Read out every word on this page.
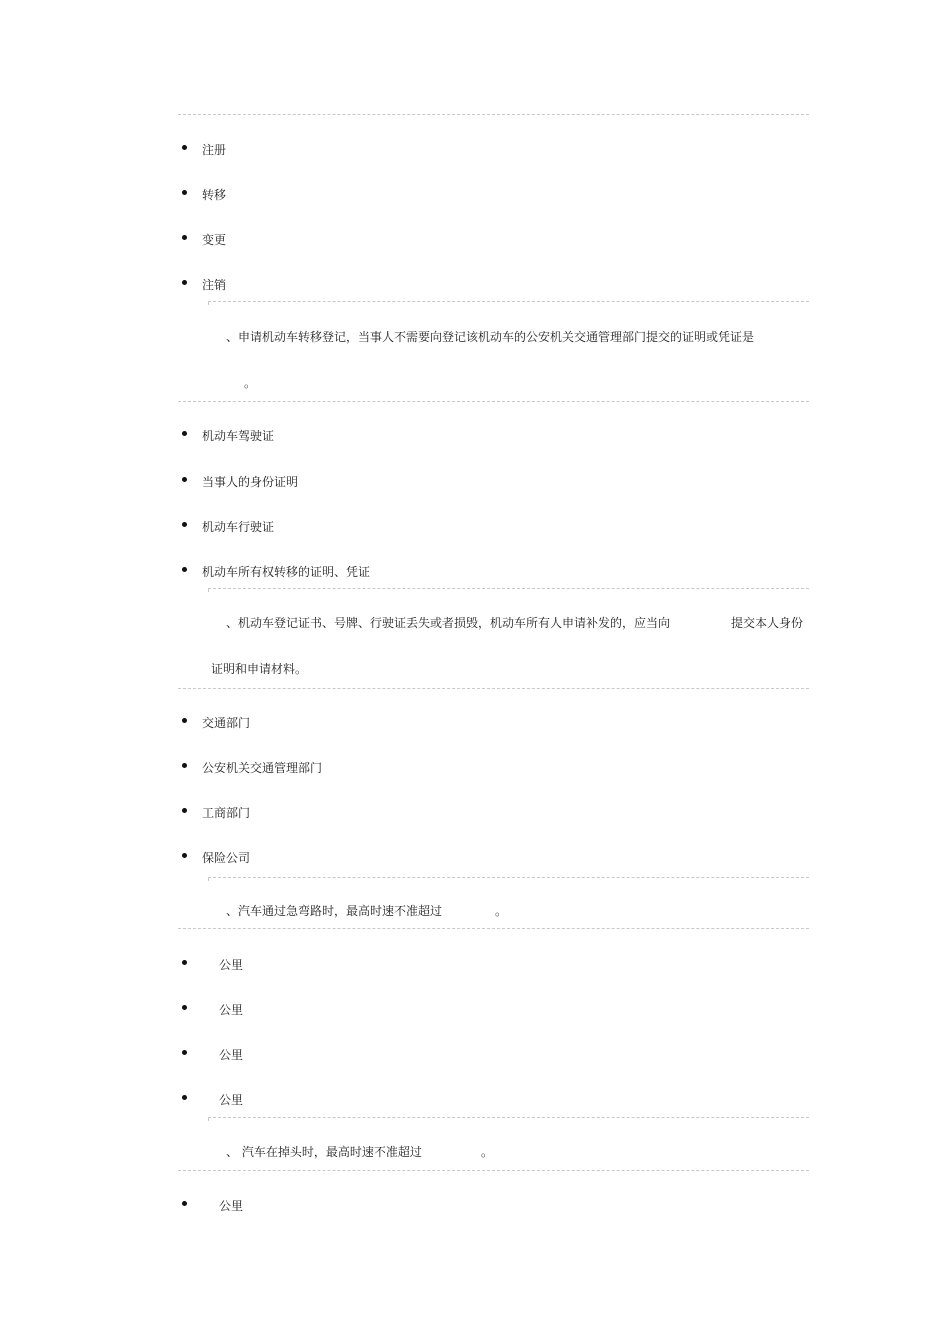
注册
转移
变更
注销
、申请机动车转移登记，当事人不需要向登记该机动车的公安机关交通管理部门提交的证明或凭证是
。
机动车驾驶证
当事人的身份证明
机动车行驶证
机动车所有权转移的证明、凭证
、机动车登记证书、号牌、行驶证丢失或者损毁，机动车所有人申请补发的，应当向	提交本人身份
证明和申请材料。
交通部门
公安机关交通管理部门
工商部门
保险公司
、汽车通过急弯路时，最高时速不准超过	。
公里
公里
公里
公里
、 汽车在掉头时，最高时速不准超过	。
公里
